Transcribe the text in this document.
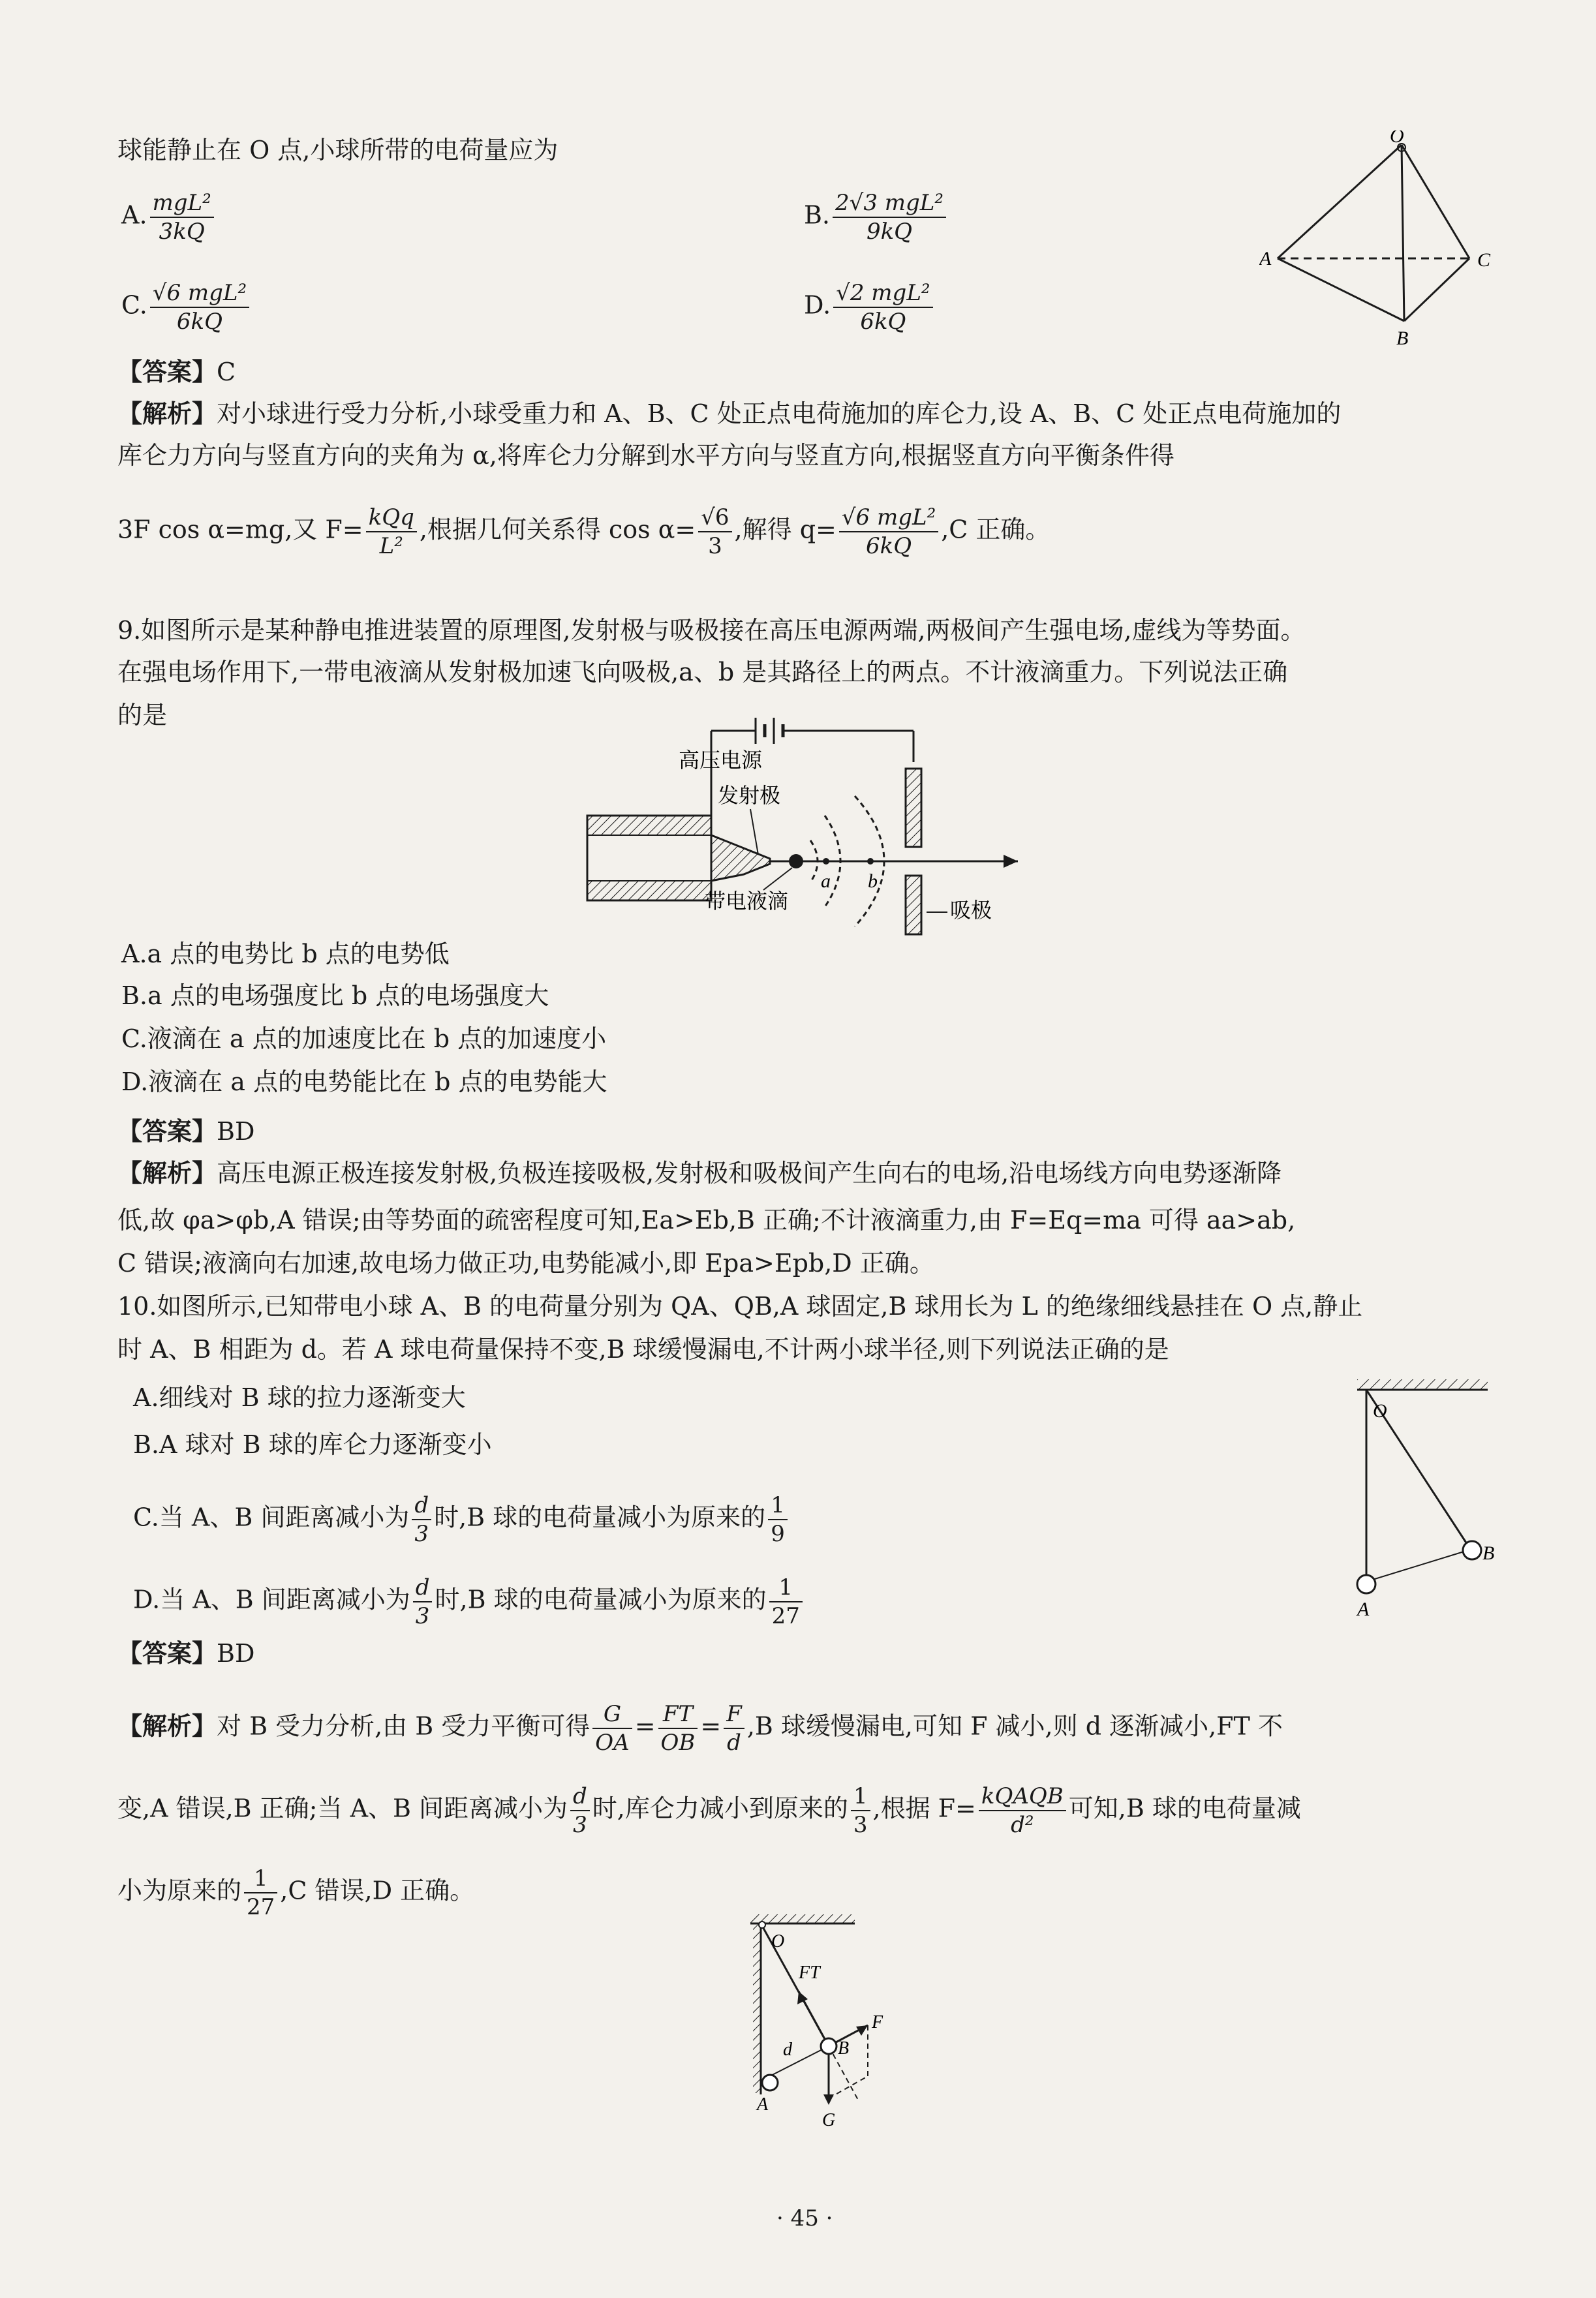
球能静止在 O 点,小球所带的电荷量应为
A. $\frac{\text{mgL²}}{3kQ}$	B. $\frac{\text{2√3 mgL²}}{9kQ}$
C. $\frac{\text{√6 mgL²}}{6kQ}$	D. $\frac{\text{√2 mgL²}}{6kQ}$
O
A
B
C
【答案】C
【解析】对小球进行受力分析,小球受重力和 A、B、C 处正点电荷施加的库仑力,设 A、B、C 处正点电荷施加的
库仑力方向与竖直方向的夹角为 α,将库仑力分解到水平方向与竖直方向,根据竖直方向平衡条件得
3F cos α=mg,又 $F= \frac{\text{kQq}}{\text{L²}}$ ,根据几何关系得 $\cos \alpha= \frac{√6}{3}$ ,解得 $q= \frac{\text{√6 mgL²}}{6kQ} ,C$ 正确。
9.如图所示是某种静电推进装置的原理图,发射极与吸极接在高压电源两端,两极间产生强电场,虚线为等势面。
在强电场作用下,一带电液滴从发射极加速飞向吸极,a、b 是其路径上的两点。不计液滴重力。下列说法正确
的是
高压电源
发射极
a b
带电液滴	吸极
A.a 点的电势比 b 点的电势低
B.a 点的电场强度比 b 点的电场强度大
C.液滴在 a 点的加速度比在 b 点的加速度小
D.液滴在 a 点的电势能比在 b 点的电势能大
【答案】BD
【解析】高压电源正极连接发射极,负极连接吸极,发射极和吸极间产生向右的电场,沿电场线方向电势逐渐降
低,故 φa>φb,A 错误;由等势面的疏密程度可知,Ea>Eb,B 正确;不计液滴重力,由 F=Eq=ma 可得 aa>ab,
C 错误;液滴向右加速,故电场力做正功,电势能减小,即 Epa>Epb,D 正确。
10.如图所示,已知带电小球 A、B 的电荷量分别为 QA、QB,A 球固定,B 球用长为 L 的绝缘细线悬挂在 O 点,静止
时 A、B 相距为 d。若 A 球电荷量保持不变,B 球缓慢漏电,不计两小球半径,则下列说法正确的是
A.细线对 B 球的拉力逐渐变大
B.A 球对 B 球的库仑力逐渐变小
C.当 A、B 间距离减小为 $\frac{d}{3}$ 时,B 球的电荷量减小为原来的 $\frac{1}{9}$
D.当 A、B 间距离减小为 $\frac{d}{3}$ 时,B 球的电荷量减小为原来的 $\frac{1}{27}$
O
A
B
【答案】BD
【解析】对 B 受力分析,由 B 受力平衡可得 $\frac{G}{OA} = \frac{FT}{OB} = \frac{F}{d} ,B$ 球缓慢漏电,可知 F 减小,则 d 逐渐减小,FT 不
变,A 错误,B 正确;当 A、B 间距离减小为 $\frac{d}{3}$ 时,库仑力减小到原来的 $\frac{1}{3}$ ,根据 $F= \frac{\text{kQAQB}}{\text{d²}}$ 可知,B 球的电荷量减
小为原来的 $\frac{1}{27} ,C$ 错误,D 正确。
O
FT
d
F
G
B
A
· 45 ·
